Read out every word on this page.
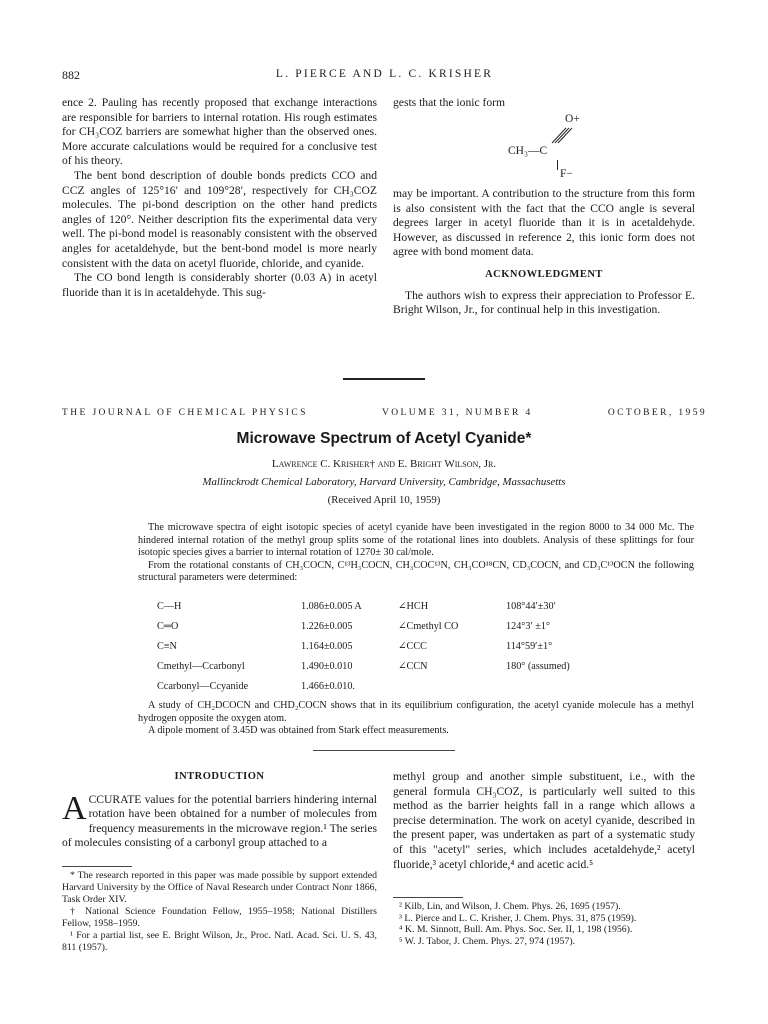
882	L. PIERCE AND L. C. KRISHER

ence 2. Pauling has recently proposed that exchange interactions are responsible for barriers to internal rotation. His rough estimates for CH₃COZ barriers are somewhat higher than the observed ones. More accurate calculations would be required for a conclusive test of his theory.

The bent bond description of double bonds predicts CCO and CCZ angles of 125°16′ and 109°28′, respectively for CH₃COZ molecules. The pi-bond description on the other hand predicts angles of 120°. Neither description fits the experimental data very well. The pi-bond model is reasonably consistent with the observed angles for acetaldehyde, but the bent-bond model is more nearly consistent with the data on acetyl fluoride, chloride, and cyanide.

The CO bond length is considerably shorter (0.03 A) in acetyl fluoride than it is in acetaldehyde. This sug-

gests that the ionic form

O+
CH₃—C
F−

may be important. A contribution to the structure from this form is also consistent with the fact that the CCO angle is several degrees larger in acetyl fluoride than it is in acetaldehyde. However, as discussed in reference 2, this ionic form does not agree with bond moment data.

ACKNOWLEDGMENT

The authors wish to express their appreciation to Professor E. Bright Wilson, Jr., for continual help in this investigation.

THE JOURNAL OF CHEMICAL PHYSICS	VOLUME 31, NUMBER 4	OCTOBER, 1959
Microwave Spectrum of Acetyl Cyanide*
Lawrence C. Krisher† and E. Bright Wilson, Jr.
Mallinckrodt Chemical Laboratory, Harvard University, Cambridge, Massachusetts
(Received April 10, 1959)

The microwave spectra of eight isotopic species of acetyl cyanide have been investigated in the region 8000 to 34 000 Mc. The hindered internal rotation of the methyl group splits some of the rotational lines into doublets. Analysis of these splittings for four isotopic species gives a barrier to internal rotation of 1270± 30 cal/mole.

From the rotational constants of CH₃COCN, C¹³H₃COCN, CH₃COC¹³N, CH₃CO¹⁸CN, CD₃COCN, and CD₃C¹³OCN the following structural parameters were determined:

C—H	1.086±0.005 A	∠HCH	108°44′±30′
C═O	1.226±0.005	∠Cmethyl CO	124°3′ ±1°
C≡N	1.164±0.005	∠CCC	114°59′±1°
Cmethyl—Ccarbonyl	1.490±0.010	∠CCN	180° (assumed)
Ccarbonyl—Ccyanide	1.466±0.010.

A study of CH₂DCOCN and CHD₂COCN shows that in its equilibrium configuration, the acetyl cyanide molecule has a methyl hydrogen opposite the oxygen atom.

A dipole moment of 3.45D was obtained from Stark effect measurements.

INTRODUCTION

ACCURATE values for the potential barriers hindering internal rotation have been obtained for a number of molecules from frequency measurements in the microwave region.¹ The series of molecules consisting of a carbonyl group attached to a

* The research reported in this paper was made possible by support extended Harvard University by the Office of Naval Research under Contract Nonr 1866, Task Order XIV.

† National Science Foundation Fellow, 1955–1958; National Distillers Fellow, 1958–1959.

¹ For a partial list, see E. Bright Wilson, Jr., Proc. Natl. Acad. Sci. U. S. 43, 811 (1957).

methyl group and another simple substituent, i.e., with the general formula CH₃COZ, is particularly well suited to this method as the barrier heights fall in a range which allows a precise determination. The work on acetyl cyanide, described in the present paper, was undertaken as part of a systematic study of this "acetyl" series, which includes acetaldehyde,² acetyl fluoride,³ acetyl chloride,⁴ and acetic acid.⁵

² Kilb, Lin, and Wilson, J. Chem. Phys. 26, 1695 (1957).

³ L. Pierce and L. C. Krisher, J. Chem. Phys. 31, 875 (1959).

⁴ K. M. Sinnott, Bull. Am. Phys. Soc. Ser. II, 1, 198 (1956).

⁵ W. J. Tabor, J. Chem. Phys. 27, 974 (1957).
